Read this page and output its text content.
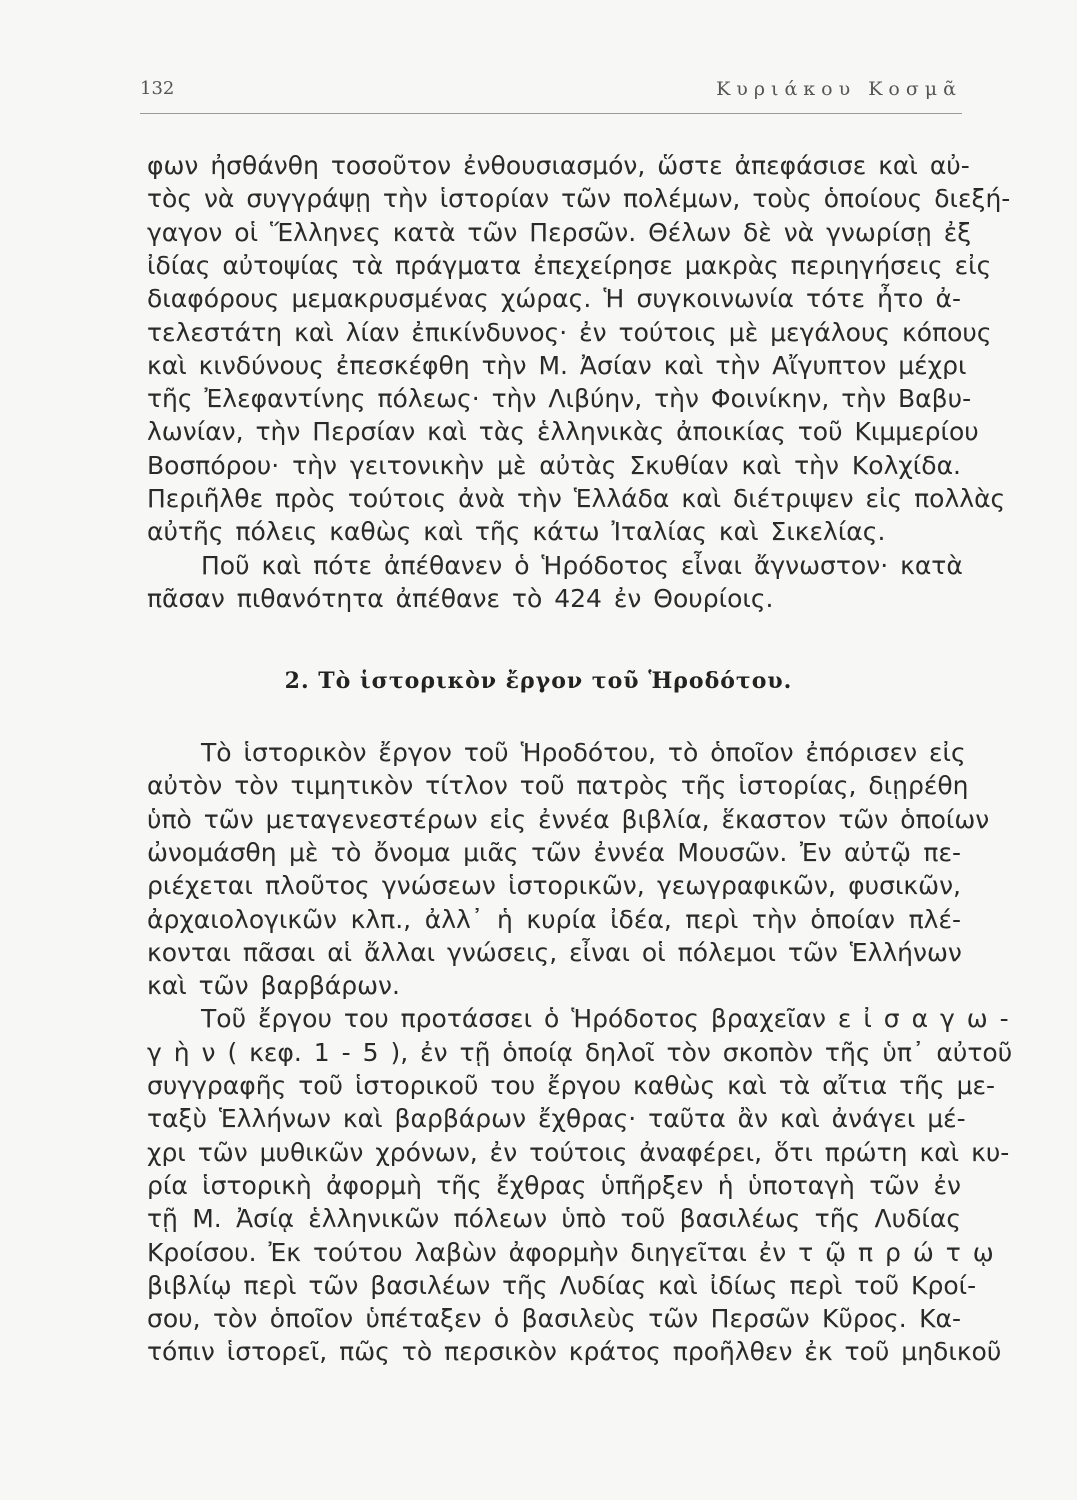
132	Κυριάκου Κοσμᾶ
φων ἠσθάνθη τοσοῦτον ἐνθουσιασμόν, ὥστε ἀπεφάσισε καὶ αὐ-
τὸς νὰ συγγράψῃ τὴν ἱστορίαν τῶν πολέμων, τοὺς ὁποίους διεξή-
γαγον οἱ Ἕλληνες κατὰ τῶν Περσῶν. Θέλων δὲ νὰ γνωρίσῃ ἐξ
ἰδίας αὐτοψίας τὰ πράγματα ἐπεχείρησε μακρὰς περιηγήσεις εἰς
διαφόρους μεμακρυσμένας χώρας. Ἡ συγκοινωνία τότε ἦτο ἀ-
τελεστάτη καὶ λίαν ἐπικίνδυνος· ἐν τούτοις μὲ μεγάλους κόπους
καὶ κινδύνους ἐπεσκέφθη τὴν Μ. Ἀσίαν καὶ τὴν Αἴγυπτον μέχρι
τῆς Ἐλεφαντίνης πόλεως· τὴν Λιβύην, τὴν Φοινίκην, τὴν Βαβυ-
λωνίαν, τὴν Περσίαν καὶ τὰς ἑλληνικὰς ἀποικίας τοῦ Κιμμερίου
Βοσπόρου· τὴν γειτονικὴν μὲ αὐτὰς Σκυθίαν καὶ τὴν Κολχίδα.
Περιῆλθε πρὸς τούτοις ἀνὰ τὴν Ἑλλάδα καὶ διέτριψεν εἰς πολλὰς
αὐτῆς πόλεις καθὼς καὶ τῆς κάτω Ἰταλίας καὶ Σικελίας.
Ποῦ καὶ πότε ἀπέθανεν ὁ Ἡρόδοτος εἶναι ἄγνωστον· κατὰ
πᾶσαν πιθανότητα ἀπέθανε τὸ 424 ἐν Θουρίοις.
2. Τὸ ἱστορικὸν ἔργον τοῦ Ἡροδότου.
Τὸ ἱστορικὸν ἔργον τοῦ Ἡροδότου, τὸ ὁποῖον ἐπόρισεν εἰς
αὐτὸν τὸν τιμητικὸν τίτλον τοῦ πατρὸς τῆς ἱστορίας, διῃρέθη
ὑπὸ τῶν μεταγενεστέρων εἰς ἐννέα βιβλία, ἕκαστον τῶν ὁποίων
ὠνομάσθη μὲ τὸ ὄνομα μιᾶς τῶν ἐννέα Μουσῶν. Ἐν αὐτῷ πε-
ριέχεται πλοῦτος γνώσεων ἱστορικῶν, γεωγραφικῶν, φυσικῶν,
ἀρχαιολογικῶν κλπ., ἀλλ᾽ ἡ κυρία ἰδέα, περὶ τὴν ὁποίαν πλέ-
κονται πᾶσαι αἱ ἄλλαι γνώσεις, εἶναι οἱ πόλεμοι τῶν Ἑλλήνων
καὶ τῶν βαρβάρων.
Τοῦ ἔργου του προτάσσει ὁ Ἡρόδοτος βραχεῖαν ε ἰ σ α γ ω -
γ ὴ ν ( κεφ. 1 - 5 ), ἐν τῇ ὁποίᾳ δηλοῖ τὸν σκοπὸν τῆς ὑπ᾽ αὐτοῦ
συγγραφῆς τοῦ ἱστορικοῦ του ἔργου καθὼς καὶ τὰ αἴτια τῆς με-
ταξὺ Ἑλλήνων καὶ βαρβάρων ἔχθρας· ταῦτα ἂν καὶ ἀνάγει μέ-
χρι τῶν μυθικῶν χρόνων, ἐν τούτοις ἀναφέρει, ὅτι πρώτη καὶ κυ-
ρία ἱστορικὴ ἀφορμὴ τῆς ἔχθρας ὑπῆρξεν ἡ ὑποταγὴ τῶν ἐν
τῇ Μ. Ἀσίᾳ ἑλληνικῶν πόλεων ὑπὸ τοῦ βασιλέως τῆς Λυδίας
Κροίσου. Ἐκ τούτου λαβὼν ἀφορμὴν διηγεῖται ἐν τ ῷ π ρ ώ τ ῳ
βιβλίῳ περὶ τῶν βασιλέων τῆς Λυδίας καὶ ἰδίως περὶ τοῦ Κροί-
σου, τὸν ὁποῖον ὑπέταξεν ὁ βασιλεὺς τῶν Περσῶν Κῦρος. Κα-
τόπιν ἱστορεῖ, πῶς τὸ περσικὸν κράτος προῆλθεν ἐκ τοῦ μηδικοῦ
